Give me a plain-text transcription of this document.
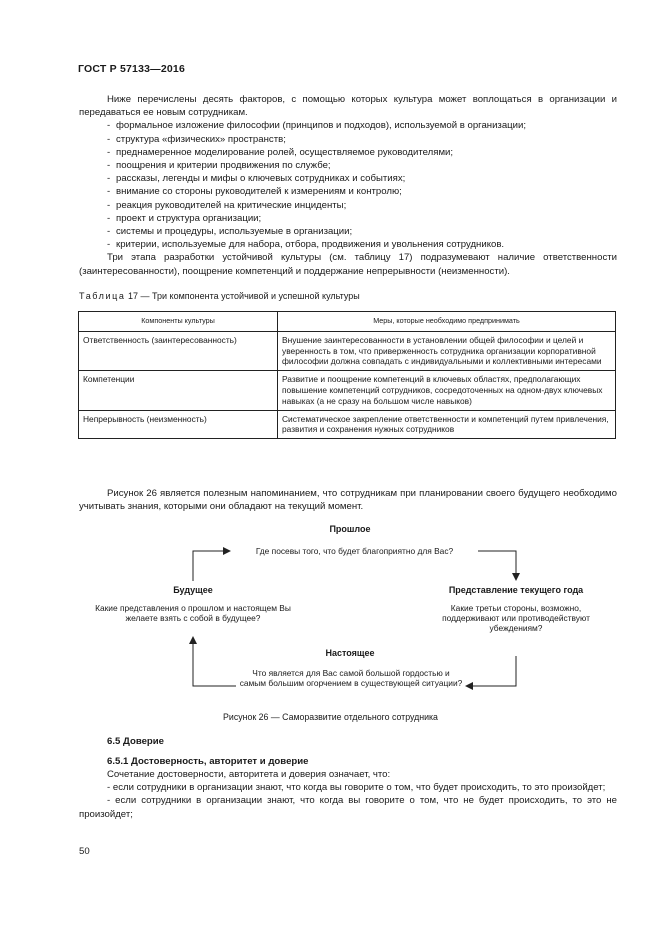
ГОСТ Р 57133—2016

Ниже перечислены десять факторов, с помощью которых культура может воплощаться в организации и передаваться ее новым сотрудникам.

- формальное изложение философии (принципов и подходов), используемой в организации;
- структура «физических» пространств;
- преднамеренное моделирование ролей, осуществляемое руководителями;
- поощрения и критерии продвижения по службе;
- рассказы, легенды и мифы о ключевых сотрудниках и событиях;
- внимание со стороны руководителей к измерениям и контролю;
- реакция руководителей на критические инциденты;
- проект и структура организации;
- системы и процедуры, используемые в организации;
- критерии, используемые для набора, отбора, продвижения и увольнения сотрудников.

Три этапа разработки устойчивой культуры (см. таблицу 17) подразумевают наличие ответственности (заинтересованности), поощрение компетенций и поддержание непрерывности (неизменности).

Таблица 17 — Три компонента устойчивой и успешной культуры
Компоненты культуры	Меры, которые необходимо предпринимать
Ответственность (заинтересованность)	Внушение заинтересованности в установлении общей философии и целей и уверенность в том, что приверженность сотрудника организации корпоративной философии должна совпадать с индивидуальными и коллективными интересами
Компетенции	Развитие и поощрение компетенций в ключевых областях, предполагающих повышение компетенций сотрудников, сосредоточенных на одном-двух ключевых навыках (а не сразу на большом числе навыков)
Непрерывность (неизменность)	Систематическое закрепление ответственности и компетенций путем привлечения, развития и сохранения нужных сотрудников

Рисунок 26 является полезным напоминанием, что сотрудникам при планировании своего будущего необходимо учитывать знания, которыми они обладают на текущий момент.

Прошлое
Где посевы того, что будет благоприятно для Вас?
Будущее
Какие представления о прошлом и настоящем Вы желаете взять с собой в будущее?
Представление текущего года
Какие третьи стороны, возможно, поддерживают или противодействуют убеждениям?
Настоящее
Что является для Вас самой большой гордостью и самым большим огорчением в существующей ситуации?
Рисунок 26 — Саморазвитие отдельного сотрудника
6.5 Доверие
6.5.1 Достоверность, авторитет и доверие

Сочетание достоверности, авторитета и доверия означает, что:

- если сотрудники в организации знают, что когда вы говорите о том, что будет происходить, то это произойдет;

- если сотрудники в организации знают, что когда вы говорите о том, что не будет происходить, то это не произойдет;

50
